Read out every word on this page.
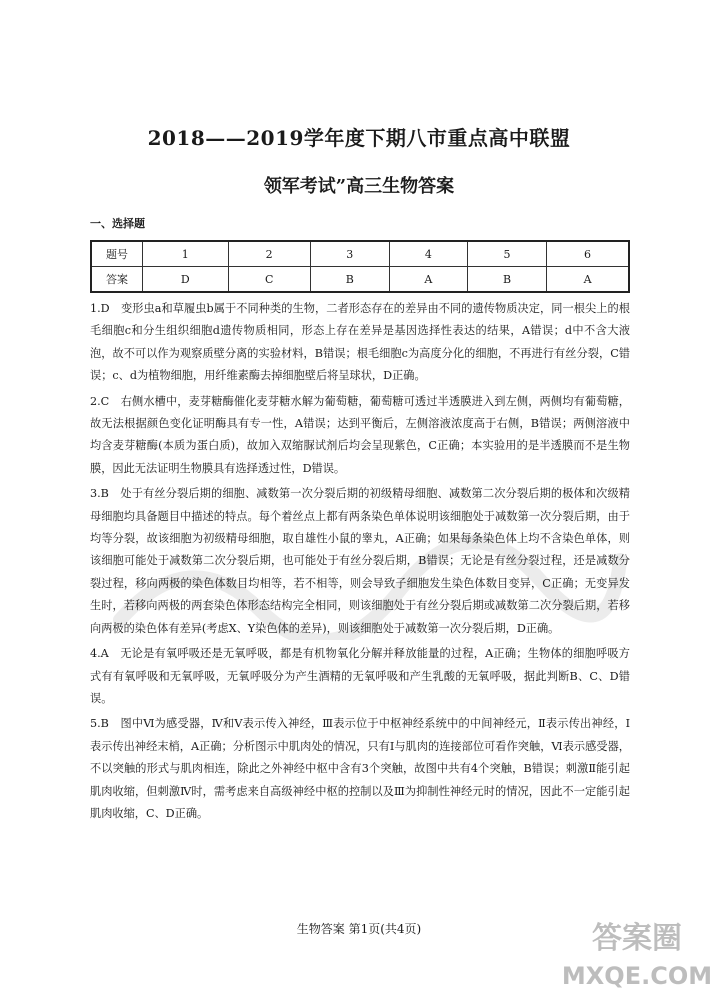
2018——2019学年度下期八市重点高中联盟
领军考试”高三生物答案
一、选择题
题号	1	2	3	4	5	6
答案	D	C	B	A	B	A

1.D　变形虫a和草履虫b属于不同种类的生物，二者形态存在的差异由不同的遗传物质决定，同一根尖上的根毛细胞c和分生组织细胞d遗传物质相同，形态上存在差异是基因选择性表达的结果，A错误；d中不含大液泡，故不可以作为观察质壁分离的实验材料，B错误；根毛细胞c为高度分化的细胞，不再进行有丝分裂，C错误；c、d为植物细胞，用纤维素酶去掉细胞壁后将呈球状，D正确。

2.C　右侧水槽中，麦芽糖酶催化麦芽糖水解为葡萄糖，葡萄糖可透过半透膜进入到左侧，两侧均有葡萄糖，故无法根据颜色变化证明酶具有专一性，A错误；达到平衡后，左侧溶液浓度高于右侧，B错误；两侧溶液中均含麦芽糖酶(本质为蛋白质)，故加入双缩脲试剂后均会呈现紫色，C正确；本实验用的是半透膜而不是生物膜，因此无法证明生物膜具有选择透过性，D错误。

3.B　处于有丝分裂后期的细胞、减数第一次分裂后期的初级精母细胞、减数第二次分裂后期的极体和次级精母细胞均具备题目中描述的特点。每个着丝点上都有两条染色单体说明该细胞处于减数第一次分裂后期，由于均等分裂，故该细胞为初级精母细胞，取自雄性小鼠的睾丸，A正确；如果每条染色体上均不含染色单体，则该细胞可能处于减数第二次分裂后期，也可能处于有丝分裂后期，B错误；无论是有丝分裂过程，还是减数分裂过程，移向两极的染色体数目均相等，若不相等，则会导致子细胞发生染色体数目变异，C正确；无变异发生时，若移向两极的两套染色体形态结构完全相同，则该细胞处于有丝分裂后期或减数第二次分裂后期，若移向两极的染色体有差异(考虑X、Y染色体的差异)，则该细胞处于减数第一次分裂后期，D正确。

4.A　无论是有氧呼吸还是无氧呼吸，都是有机物氧化分解并释放能量的过程，A正确；生物体的细胞呼吸方式有有氧呼吸和无氧呼吸，无氧呼吸分为产生酒精的无氧呼吸和产生乳酸的无氧呼吸，据此判断B、C、D错误。

5.B　图中Ⅵ为感受器，Ⅳ和Ⅴ表示传入神经，Ⅲ表示位于中枢神经系统中的中间神经元，Ⅱ表示传出神经，Ⅰ表示传出神经末梢，A正确；分析图示中肌肉处的情况，只有Ⅰ与肌肉的连接部位可看作突触，Ⅵ表示感受器，不以突触的形式与肌肉相连，除此之外神经中枢中含有3个突触，故图中共有4个突触，B错误；刺激Ⅱ能引起肌肉收缩，但刺激Ⅳ时，需考虑来自高级神经中枢的控制以及Ⅲ为抑制性神经元时的情况，因此不一定能引起肌肉收缩，C、D正确。

生物答案 第1页(共4页)	答案圈
MXQE.COM
